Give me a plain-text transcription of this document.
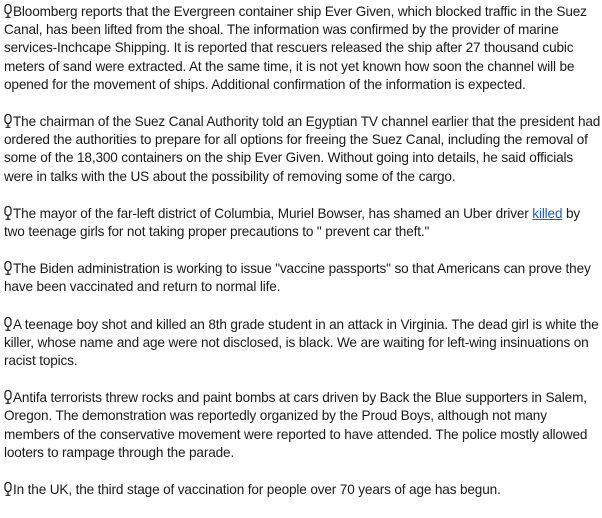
Bloomberg reports that the Evergreen container ship Ever Given, which blocked traffic in the Suez Canal, has been lifted from the shoal. The information was confirmed by the provider of marine services-Inchcape Shipping. It is reported that rescuers released the ship after 27 thousand cubic meters of sand were extracted. At the same time, it is not yet known how soon the channel will be opened for the movement of ships. Additional confirmation of the information is expected.

The chairman of the Suez Canal Authority told an Egyptian TV channel earlier that the president had ordered the authorities to prepare for all options for freeing the Suez Canal, including the removal of some of the 18,300 containers on the ship Ever Given. Without going into details, he said officials were in talks with the US about the possibility of removing some of the cargo.

The mayor of the far-left district of Columbia, Muriel Bowser, has shamed an Uber driver killed by two teenage girls for not taking proper precautions to " prevent car theft."

The Biden administration is working to issue "vaccine passports" so that Americans can prove they have been vaccinated and return to normal life.

A teenage boy shot and killed an 8th grade student in an attack in Virginia. The dead girl is white the killer, whose name and age were not disclosed, is black. We are waiting for left-wing insinuations on racist topics.

Antifa terrorists threw rocks and paint bombs at cars driven by Back the Blue supporters in Salem, Oregon. The demonstration was reportedly organized by the Proud Boys, although not many members of the conservative movement were reported to have attended. The police mostly allowed looters to rampage through the parade.

In the UK, the third stage of vaccination for people over 70 years of age has begun.
